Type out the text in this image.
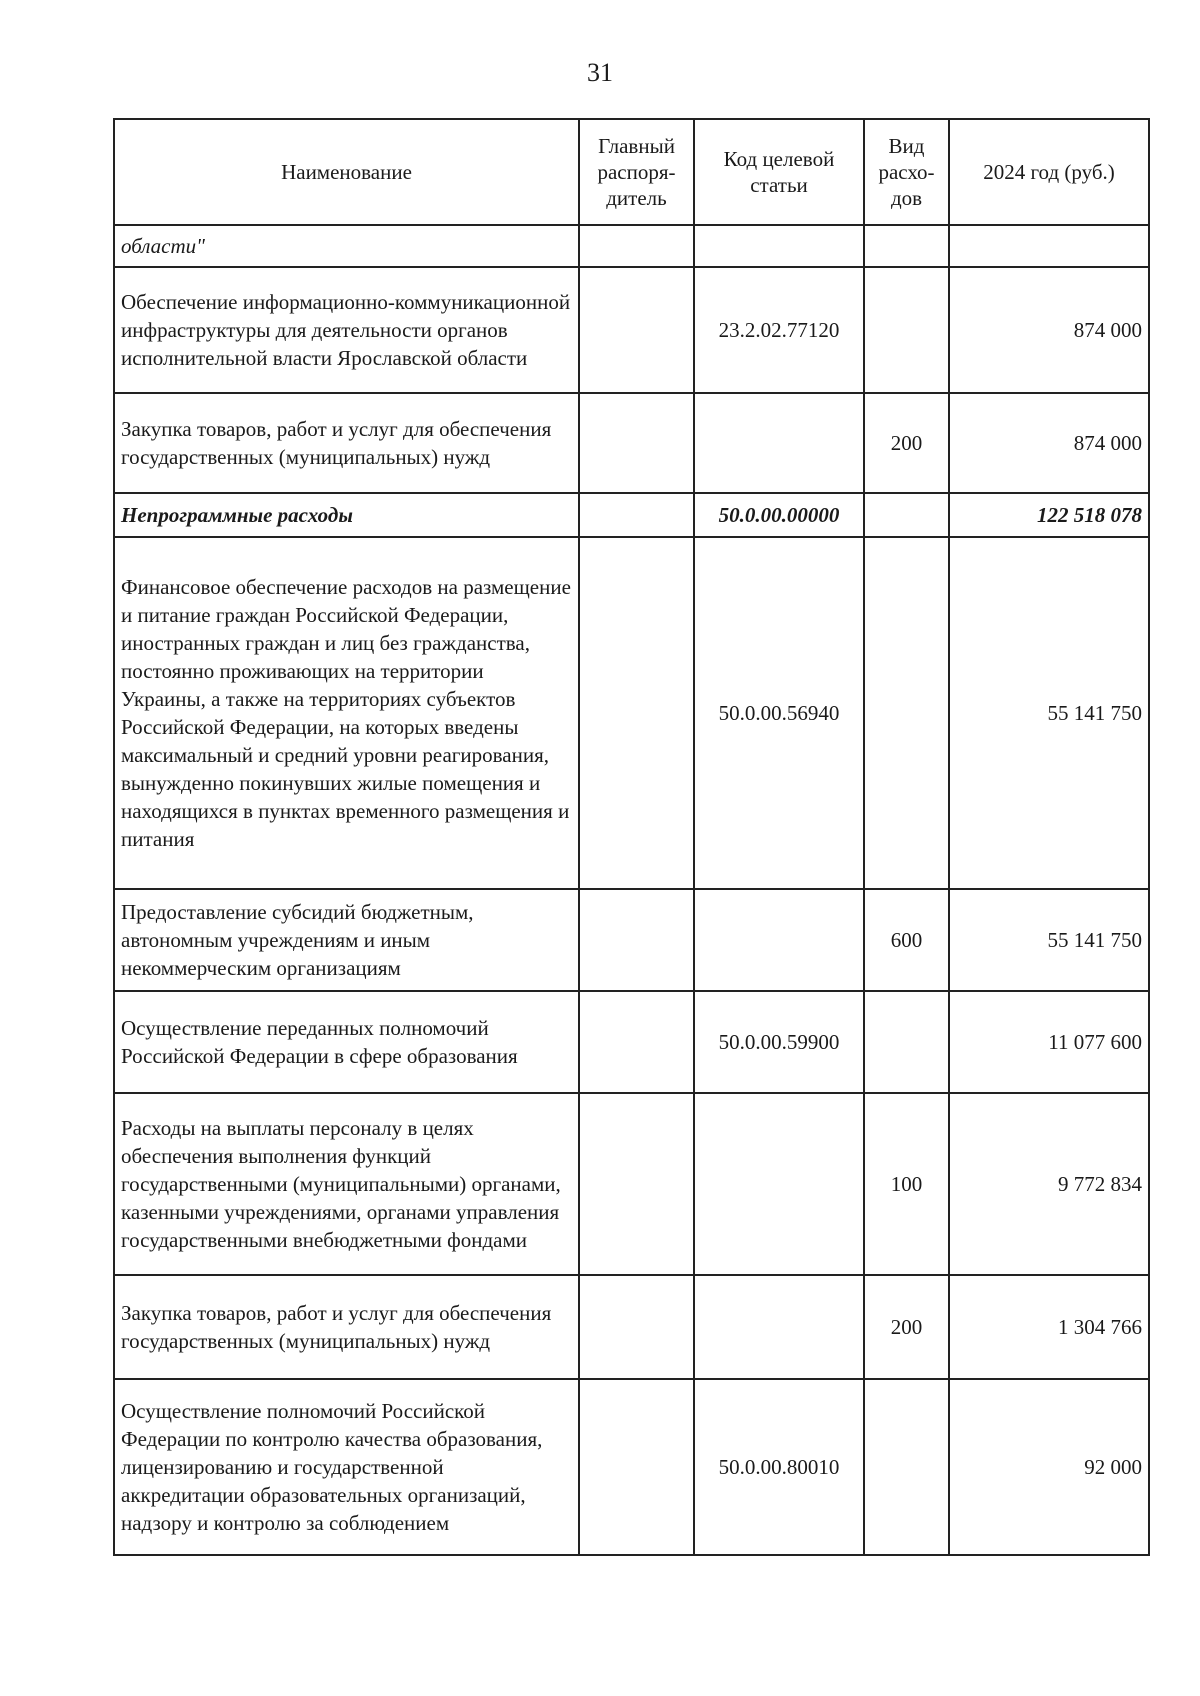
31
Наименование	Главный распоря-дитель	Код целевой статьи	Вид расхо-дов	2024 год (руб.)
области"				
Обеспечение информационно-коммуникационной инфраструктуры для деятельности органов исполнительной власти Ярославской области		23.2.02.77120		874 000
Закупка товаров, работ и услуг для обеспечения государственных (муниципальных) нужд			200	874 000
Непрограммные расходы		50.0.00.00000		122 518 078
Финансовое обеспечение расходов на размещение и питание граждан Российской Федерации, иностранных граждан и лиц без гражданства, постоянно проживающих на территории Украины, а также на территориях субъектов Российской Федерации, на которых введены максимальный и средний уровни реагирования, вынужденно покинувших жилые помещения и находящихся в пунктах временного размещения и питания		50.0.00.56940		55 141 750
Предоставление субсидий бюджетным, автономным учреждениям и иным некоммерческим организациям			600	55 141 750
Осуществление переданных полномочий Российской Федерации в сфере образования		50.0.00.59900		11 077 600
Расходы на выплаты персоналу в целях обеспечения выполнения функций государственными (муниципальными) органами, казенными учреждениями, органами управления государственными внебюджетными фондами			100	9 772 834
Закупка товаров, работ и услуг для обеспечения государственных (муниципальных) нужд			200	1 304 766
Осуществление полномочий Российской Федерации по контролю качества образования, лицензированию и государственной аккредитации образовательных организаций, надзору и контролю за соблюдением		50.0.00.80010		92 000
